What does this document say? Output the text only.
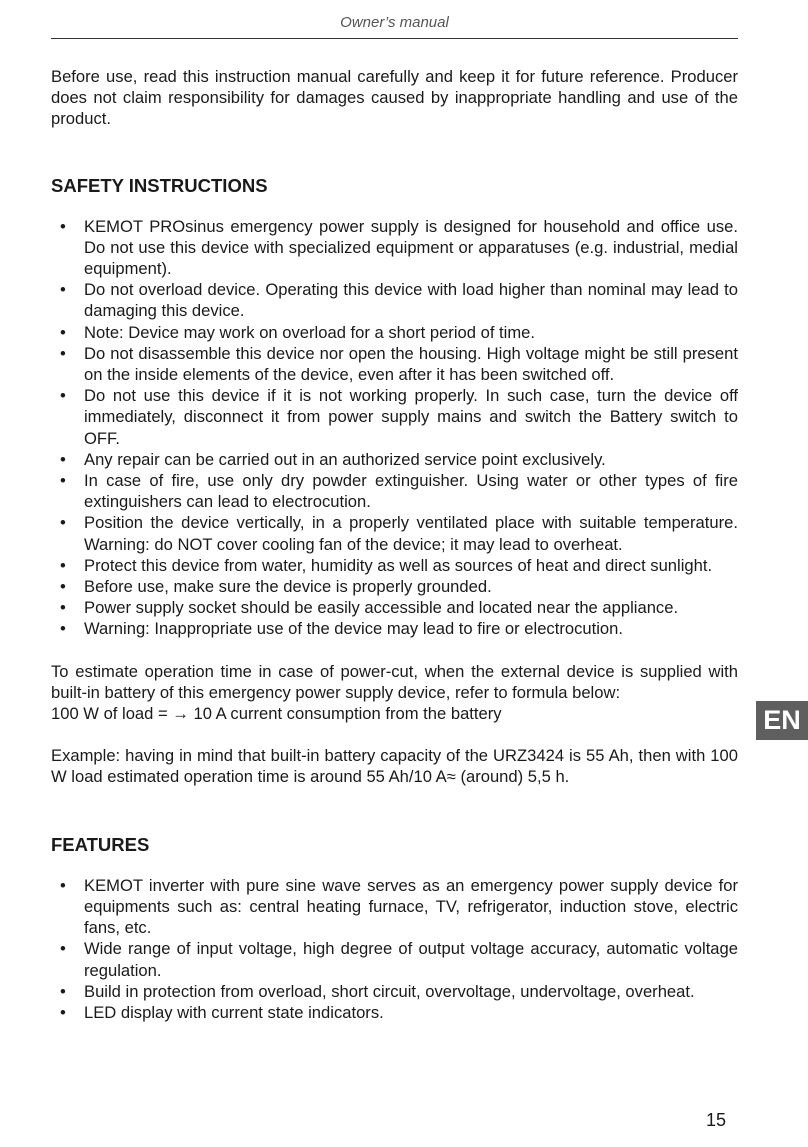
Owner’s manual

Before use, read this instruction manual carefully and keep it for future reference. Producer does not claim responsibility for damages caused by inappropriate handling and use of the product.

SAFETY INSTRUCTIONS
• KEMOT PROsinus emergency power supply is designed for household and office use. Do not use this device with specialized equipment or apparatuses (e.g. industrial, medial equipment).
• Do not overload device. Operating this device with load higher than nominal may lead to damaging this device.
• Note: Device may work on overload for a short period of time.
• Do not disassemble this device nor open the housing. High voltage might be still present on the inside elements of the device, even after it has been switched off.
• Do not use this device if it is not working properly. In such case, turn the device off immediately, disconnect it from power supply mains and switch the Battery switch to OFF.
• Any repair can be carried out in an authorized service point exclusively.
• In case of fire, use only dry powder extinguisher. Using water or other types of fire extinguishers can lead to electrocution.
• Position the device vertically, in a properly ventilated place with suitable temperature. Warning: do NOT cover cooling fan of the device; it may lead to overheat.
• Protect this device from water, humidity as well as sources of heat and direct sunlight.
• Before use, make sure the device is properly grounded.
• Power supply socket should be easily accessible and located near the appliance.
• Warning: Inappropriate use of the device may lead to fire or electrocution.

To estimate operation time in case of power-cut, when the external device is supplied with built-in battery of this emergency power supply device, refer to formula below:

100 W of load = → 10 A current consumption from the battery

Example: having in mind that built-in battery capacity of the URZ3424 is 55 Ah, then with 100 W load estimated operation time is around 55 Ah/10 A≈ (around) 5,5 h.

FEATURES
• KEMOT inverter with pure sine wave serves as an emergency power supply device for equipments such as: central heating furnace, TV, refrigerator, induction stove, electric fans, etc.
• Wide range of input voltage, high degree of output voltage accuracy, automatic voltage regulation.
• Build in protection from overload, short circuit, overvoltage, undervoltage, overheat.
• LED display with current state indicators.
EN
15
